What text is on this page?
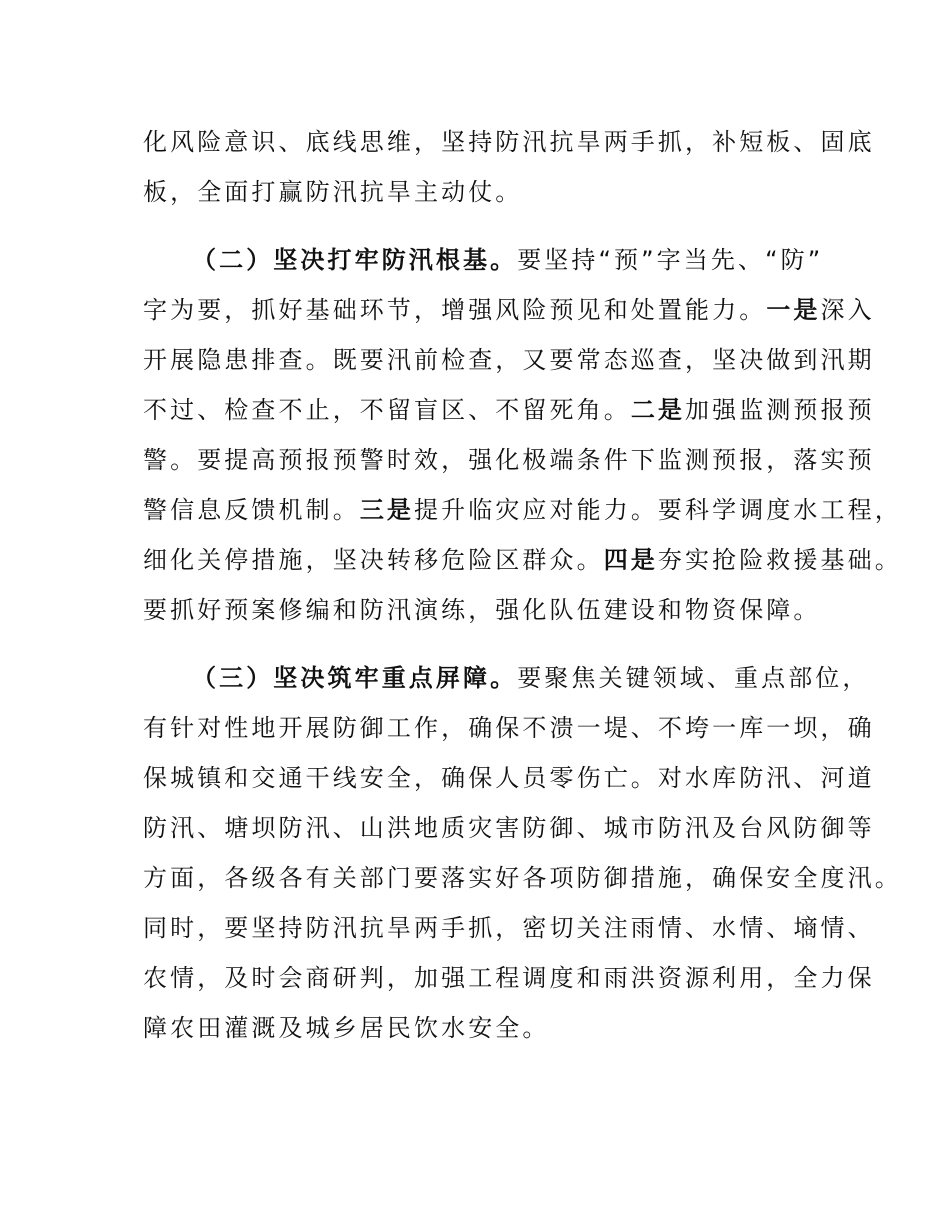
化风险意识、底线思维，坚持防汛抗旱两手抓，补短板、固底
板，全面打赢防汛抗旱主动仗。
（二）坚决打牢防汛根基。要坚持“预”字当先、“防”
字为要，抓好基础环节，增强风险预见和处置能力。一是深入
开展隐患排查。既要汛前检查，又要常态巡查，坚决做到汛期
不过、检查不止，不留盲区、不留死角。二是加强监测预报预
警。要提高预报预警时效，强化极端条件下监测预报，落实预
警信息反馈机制。三是提升临灾应对能力。要科学调度水工程，
细化关停措施，坚决转移危险区群众。四是夯实抢险救援基础。
要抓好预案修编和防汛演练，强化队伍建设和物资保障。
（三）坚决筑牢重点屏障。要聚焦关键领域、重点部位，
有针对性地开展防御工作，确保不溃一堤、不垮一库一坝，确
保城镇和交通干线安全，确保人员零伤亡。对水库防汛、河道
防汛、塘坝防汛、山洪地质灾害防御、城市防汛及台风防御等
方面，各级各有关部门要落实好各项防御措施，确保安全度汛。
同时，要坚持防汛抗旱两手抓，密切关注雨情、水情、墒情、
农情，及时会商研判，加强工程调度和雨洪资源利用，全力保
障农田灌溉及城乡居民饮水安全。
